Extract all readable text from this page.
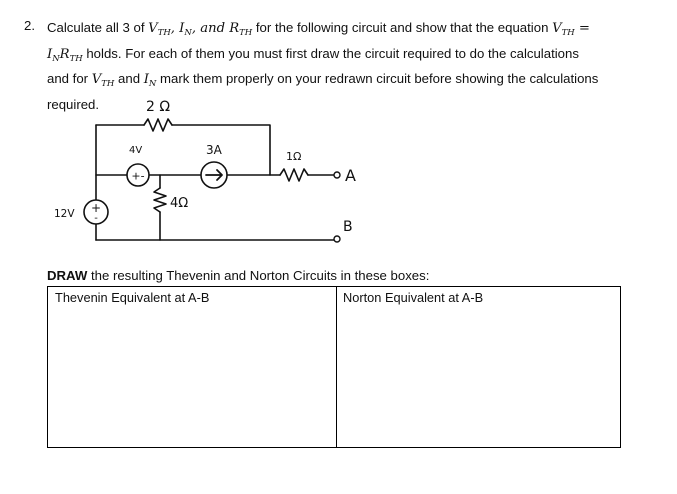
2. Calculate all 3 of $V_{TH}$, $I_N$, and $R_{TH}$ for the following circuit and show that the equation $V_{TH}$ =
$I_NR_{TH}$ holds. For each of them you must first draw the circuit required to do the calculations
and for $V_{TH}$ and $I_N$ mark them properly on your redrawn circuit before showing the calculations
required.
+-
+
-
2 Ω
4V	3A	1Ω
A
12V
4Ω
B
DRAW the resulting Thevenin and Norton Circuits in these boxes:
Thevenin Equivalent at A-B	Norton Equivalent at A-B
